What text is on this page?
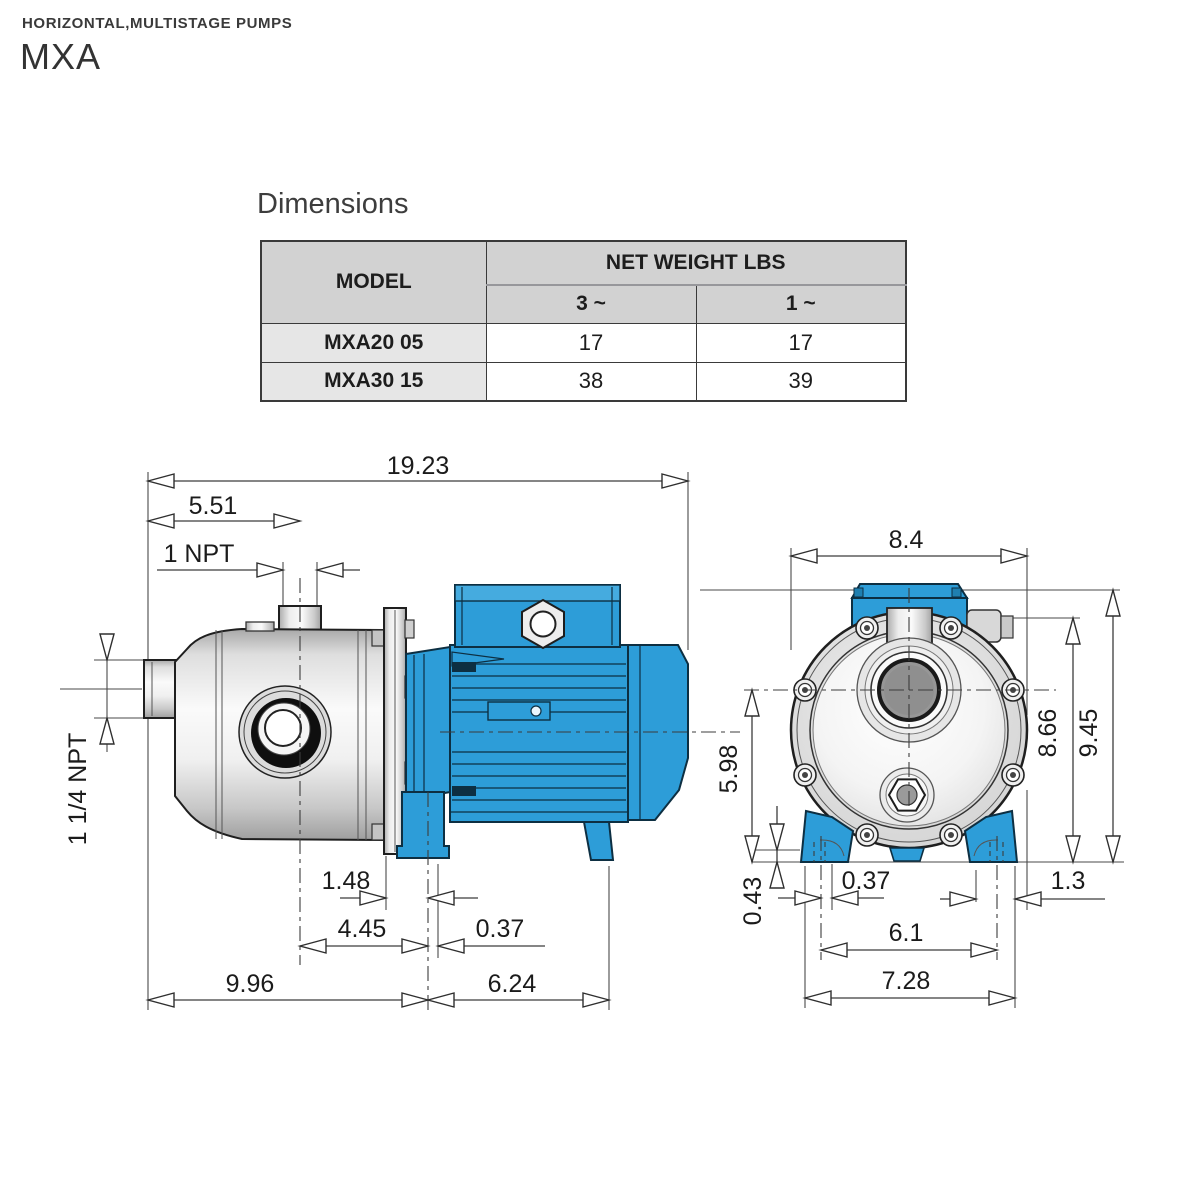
HORIZONTAL,MULTISTAGE PUMPS
MXA
Dimensions
MODEL	NET WEIGHT LBS	
	3 ~	1 ~
MXA20 05	17	17
MXA30 15	38	39
19.23
5.51
1 NPT
1 1/4 NPT
1.48
4.45	0.37
9.96	6.24
8.4
5.98
0.43	0.37	1.3
6.1
7.28
8.66 9.45
